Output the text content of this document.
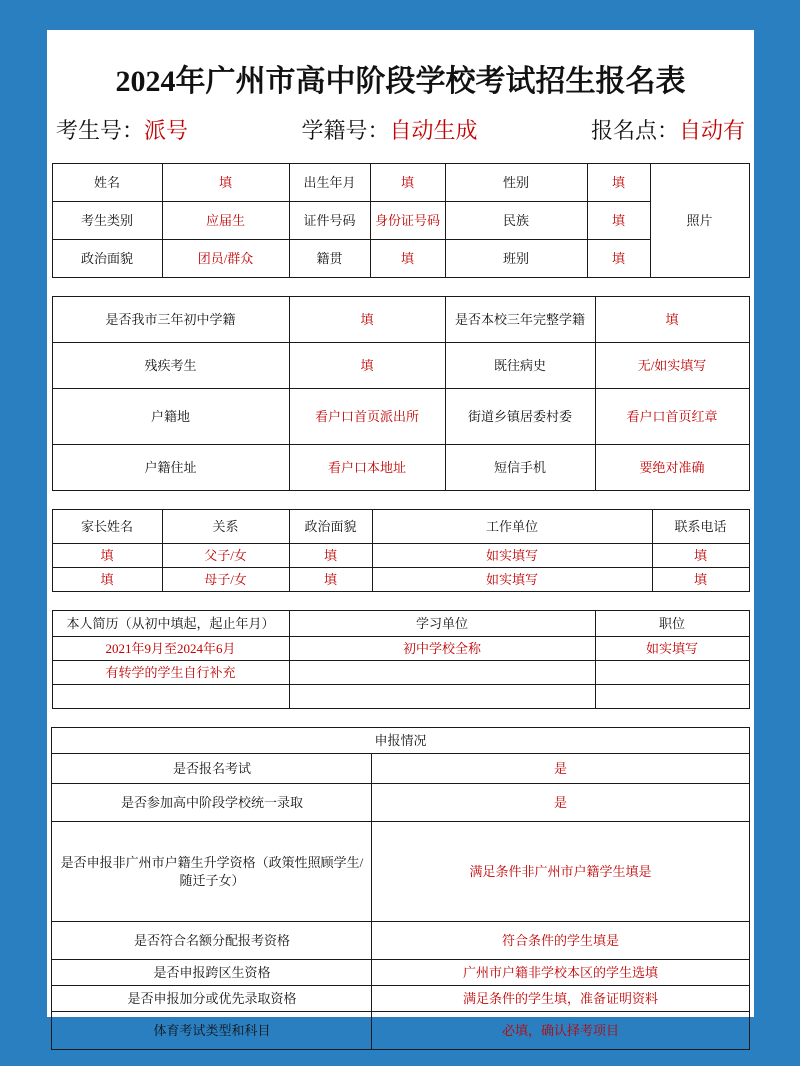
2024年广州市高中阶段学校考试招生报名表
考生号：派号	学籍号：自动生成	报名点：自动有
姓名	填	出生年月	填	性别	填	照片
考生类别	应届生	证件号码	身份证号码	民族	填	
政治面貌	团员/群众	籍贯	填	班别	填	
是否我市三年初中学籍	填	是否本校三年完整学籍	填
残疾考生	填	既往病史	无/如实填写
户籍地	看户口首页派出所	街道乡镇居委村委	看户口首页红章
户籍住址	看户口本地址	短信手机	要绝对准确
家长姓名	关系	政治面貌	工作单位	联系电话
填	父子/女	填	如实填写	填
填	母子/女	填	如实填写	填
本人简历（从初中填起，起止年月）	学习单位	职位
2021年9月至2024年6月	初中学校全称	如实填写
有转学的学生自行补充		

申报情况	
是否报名考试	是
是否参加高中阶段学校统一录取	是
是否申报非广州市户籍生升学资格（政策性照顾学生/随迁子女）	满足条件非广州市户籍学生填是
是否符合名额分配报考资格	符合条件的学生填是
是否申报跨区生资格	广州市户籍非学校本区的学生选填
是否申报加分或优先录取资格	满足条件的学生填，准备证明资料
体育考试类型和科目	必填，确认择考项目
